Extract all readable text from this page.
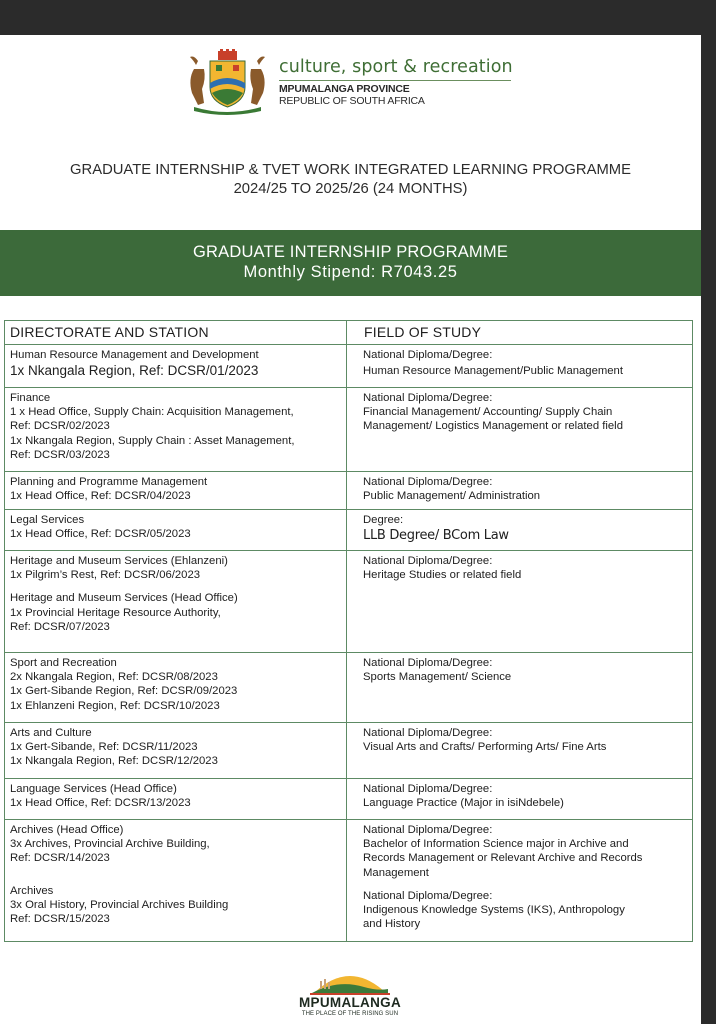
culture, sport & recreation
MPUMALANGA PROVINCE
REPUBLIC OF SOUTH AFRICA
GRADUATE INTERNSHIP & TVET WORK INTEGRATED LEARNING PROGRAMME
2024/25 TO 2025/26 (24 MONTHS)
GRADUATE INTERNSHIP PROGRAMME
Monthly Stipend: R7043.25
DIRECTORATE AND STATION	FIELD OF STUDY
Human Resource Management and Development
1x Nkangala Region, Ref: DCSR/01/2023
National Diploma/Degree:
Human Resource Management/Public Management
Finance
1 x Head Office, Supply Chain: Acquisition Management,
Ref: DCSR/02/2023
1x Nkangala Region, Supply Chain : Asset Management,
Ref: DCSR/03/2023
National Diploma/Degree:
Financial Management/ Accounting/ Supply Chain
Management/ Logistics Management or related field
Planning and Programme Management
1x Head Office, Ref: DCSR/04/2023
National Diploma/Degree:
Public Management/ Administration
Legal Services
1x Head Office, Ref: DCSR/05/2023
Degree:
LLB Degree/ BCom Law
Heritage and Museum Services (Ehlanzeni)
1x Pilgrim’s Rest, Ref: DCSR/06/2023
Heritage and Museum Services (Head Office)
1x Provincial Heritage Resource Authority,
Ref: DCSR/07/2023
National Diploma/Degree:
Heritage Studies or related field
Sport and Recreation
2x Nkangala Region, Ref: DCSR/08/2023
1x Gert-Sibande Region, Ref: DCSR/09/2023
1x Ehlanzeni Region, Ref: DCSR/10/2023
National Diploma/Degree:
Sports Management/ Science
Arts and Culture
1x Gert-Sibande, Ref: DCSR/11/2023
1x Nkangala Region, Ref: DCSR/12/2023
National Diploma/Degree:
Visual Arts and Crafts/ Performing Arts/ Fine Arts
Language Services (Head Office)
1x Head Office, Ref: DCSR/13/2023
National Diploma/Degree:
Language Practice (Major in isiNdebele)
Archives (Head Office)
3x Archives, Provincial Archive Building,
Ref: DCSR/14/2023
Archives
3x Oral History, Provincial Archives Building
Ref: DCSR/15/2023
National Diploma/Degree:
Bachelor of Information Science major in Archive and
Records Management or Relevant Archive and Records
Management
National Diploma/Degree:
Indigenous Knowledge Systems (IKS), Anthropology
and History
MPUMALANGA
THE PLACE OF THE RISING SUN
